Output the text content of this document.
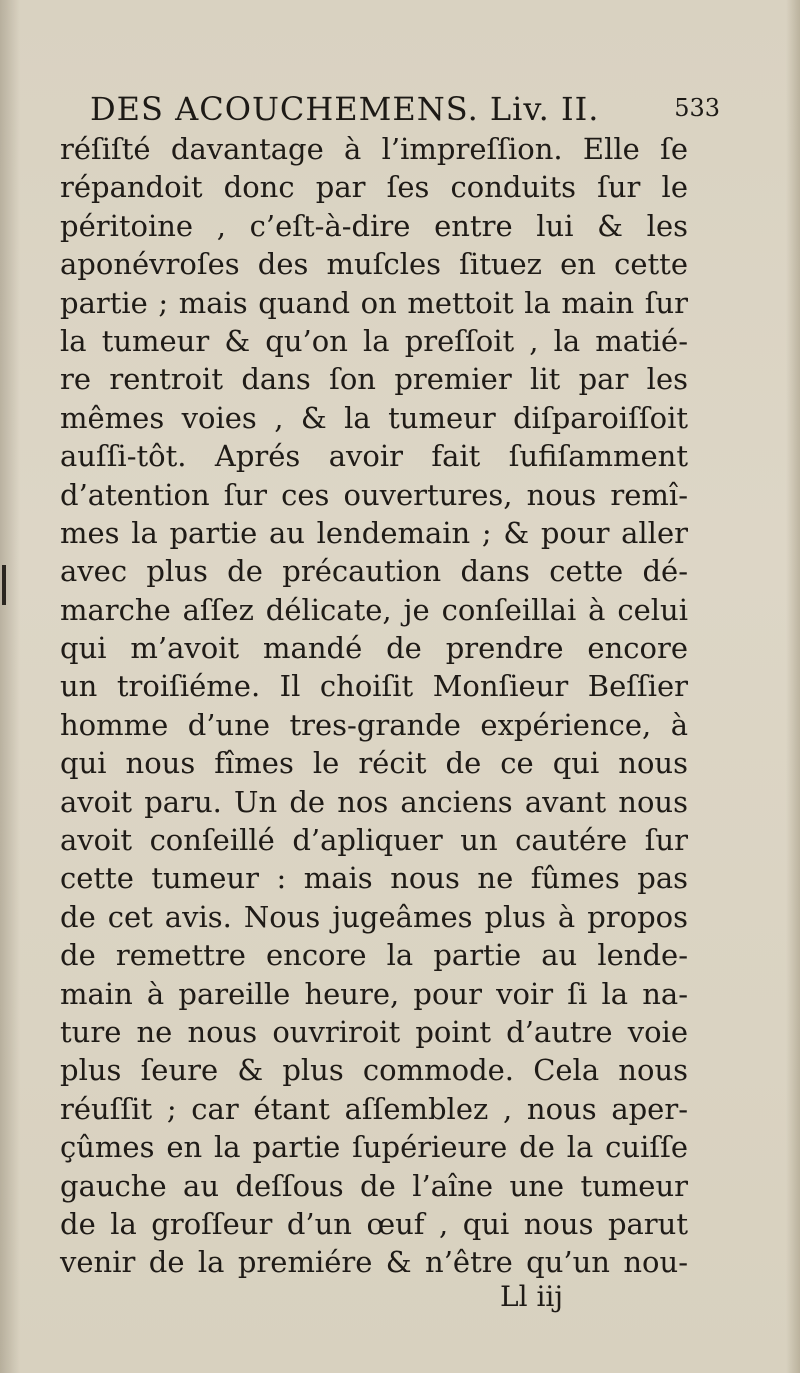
DES ACOUCHEMENS. Liv. II.	533
réſiſté davantage à l’impreſſion. Elle ſe
répandoit donc par ſes conduits ſur le
péritoine , c’eſt-à-dire entre lui & les
aponévroſes des muſcles ſituez en cette
partie ; mais quand on mettoit la main ſur
la tumeur & qu’on la preſſoit , la matié-
re rentroit dans ſon premier lit par les
mêmes voies , & la tumeur diſparoiſſoit
auſſi-tôt. Aprés avoir fait ſufiſamment
d’atention ſur ces ouvertures, nous remî-
mes la partie au lendemain ; & pour aller
avec plus de précaution dans cette dé-
marche aſſez délicate, je conſeillai à celui
qui m’avoit mandé de prendre encore
un troiſiéme. Il choiſit Monſieur Beſſier
homme d’une tres-grande expérience, à
qui nous fîmes le récit de ce qui nous
avoit paru. Un de nos anciens avant nous
avoit conſeillé d’apliquer un cautére ſur
cette tumeur : mais nous ne fûmes pas
de cet avis. Nous jugeâmes plus à propos
de remettre encore la partie au lende-
main à pareille heure, pour voir ſi la na-
ture ne nous ouvriroit point d’autre voie
plus ſeure & plus commode. Cela nous
réuſſit ; car étant aſſemblez , nous aper-
çûmes en la partie ſupérieure de la cuiſſe
gauche au deſſous de l’aîne une tumeur
de la groſſeur d’un œuf , qui nous parut
venir de la premiére & n’être qu’un nou-
Ll iij
